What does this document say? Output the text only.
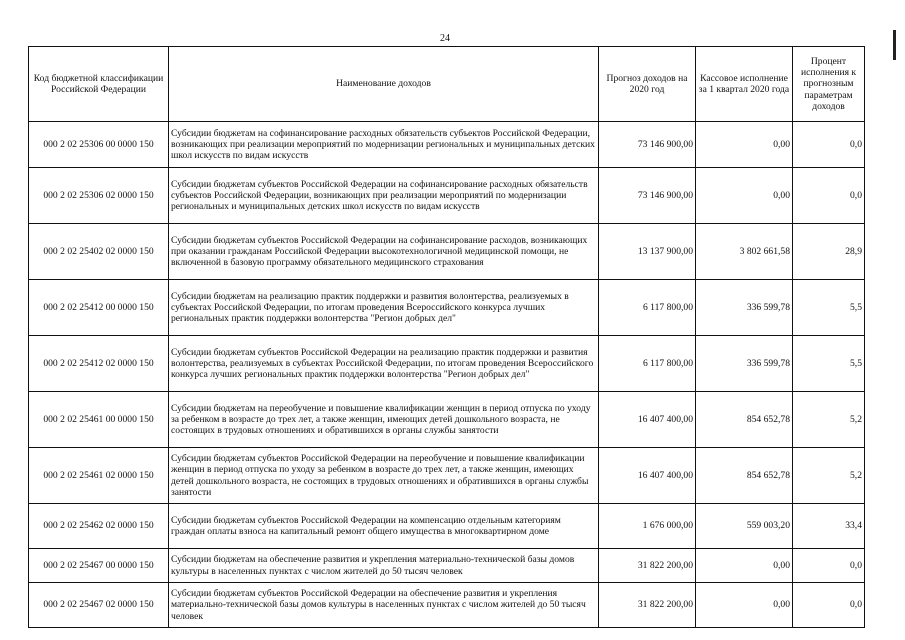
24
Код бюджетной классификации Российской Федерации	Наименование доходов	Прогноз доходов на 2020 год	Кассовое исполнение за 1 квартал 2020 года	Процент исполнения к прогнозным параметрам доходов
000 2 02 25306 00 0000 150	Субсидии бюджетам на софинансирование расходных обязательств субъектов Российской Федерации, возникающих при реализации мероприятий по модернизации региональных и муниципальных детских школ искусств по видам искусств	73 146 900,00	0,00	0,0
000 2 02 25306 02 0000 150	Субсидии бюджетам субъектов Российской Федерации на софинансирование расходных обязательств субъектов Российской Федерации, возникающих при реализации мероприятий по модернизации региональных и муниципальных детских школ искусств по видам искусств	73 146 900,00	0,00	0,0
000 2 02 25402 02 0000 150	Субсидии бюджетам субъектов Российской Федерации на софинансирование расходов, возникающих при оказании гражданам Российской Федерации высокотехнологичной медицинской помощи, не включенной в базовую программу обязательного медицинского страхования	13 137 900,00	3 802 661,58	28,9
000 2 02 25412 00 0000 150	Субсидии бюджетам на реализацию практик поддержки и развития волонтерства, реализуемых в субъектах Российской Федерации, по итогам проведения Всероссийского конкурса лучших региональных практик поддержки волонтерства "Регион добрых дел"	6 117 800,00	336 599,78	5,5
000 2 02 25412 02 0000 150	Субсидии бюджетам субъектов Российской Федерации на реализацию практик поддержки и развития волонтерства, реализуемых в субъектах Российской Федерации, по итогам проведения Всероссийского конкурса лучших региональных практик поддержки волонтерства "Регион добрых дел"	6 117 800,00	336 599,78	5,5
000 2 02 25461 00 0000 150	Субсидии бюджетам на переобучение и повышение квалификации женщин в период отпуска по уходу за ребенком в возрасте до трех лет, а также женщин, имеющих детей дошкольного возраста, не состоящих в трудовых отношениях и обратившихся в органы службы занятости	16 407 400,00	854 652,78	5,2
000 2 02 25461 02 0000 150	Субсидии бюджетам субъектов Российской Федерации на переобучение и повышение квалификации женщин в период отпуска по уходу за ребенком в возрасте до трех лет, а также женщин, имеющих детей дошкольного возраста, не состоящих в трудовых отношениях и обратившихся в органы службы занятости	16 407 400,00	854 652,78	5,2
000 2 02 25462 02 0000 150	Субсидии бюджетам субъектов Российской Федерации на компенсацию отдельным категориям граждан оплаты взноса на капитальный ремонт общего имущества в многоквартирном доме	1 676 000,00	559 003,20	33,4
000 2 02 25467 00 0000 150	Субсидии бюджетам на обеспечение развития и укрепления материально-технической базы домов культуры в населенных пунктах с числом жителей до 50 тысяч человек	31 822 200,00	0,00	0,0
000 2 02 25467 02 0000 150	Субсидии бюджетам субъектов Российской Федерации на обеспечение развития и укрепления материально-технической базы домов культуры в населенных пунктах с числом жителей до 50 тысяч человек	31 822 200,00	0,00	0,0
